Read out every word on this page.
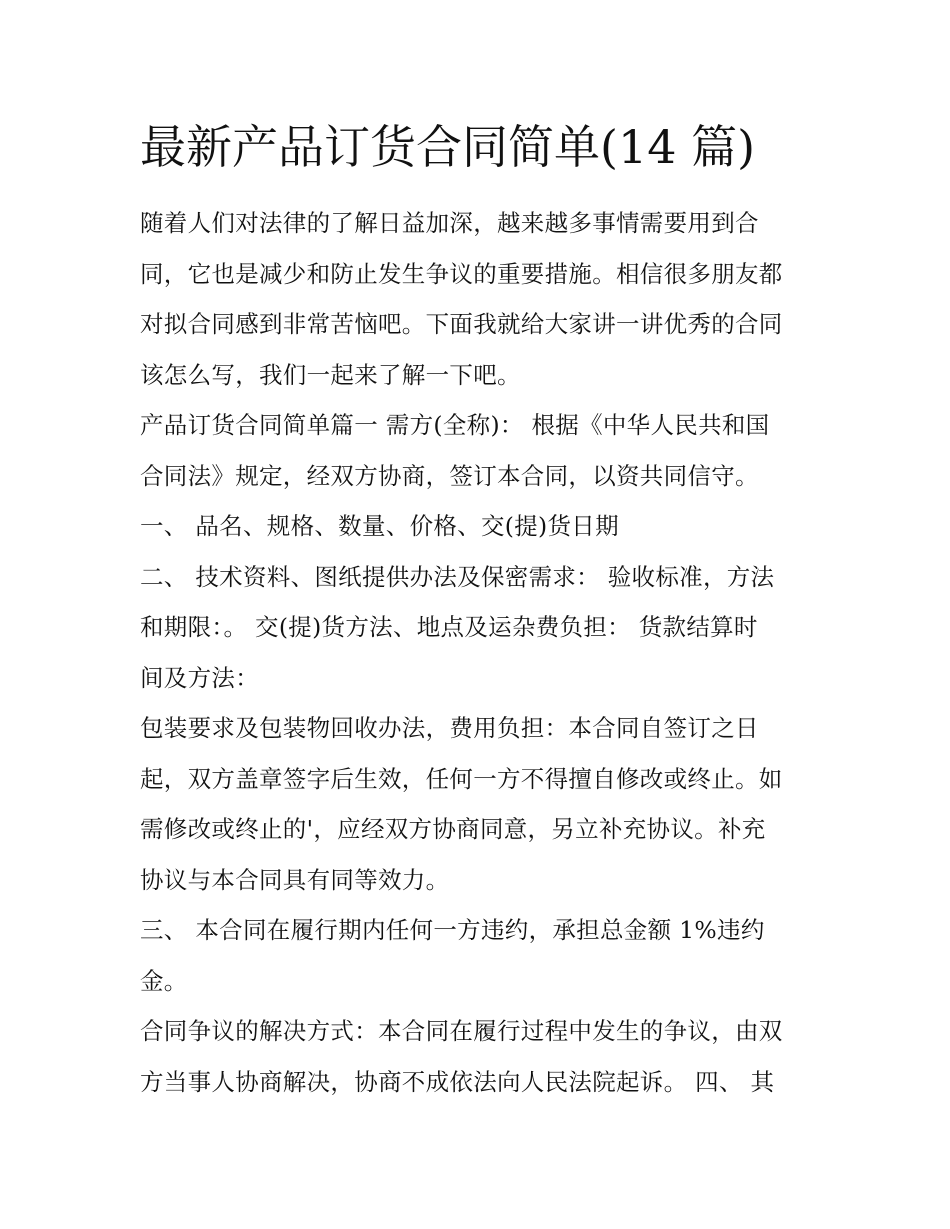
最新产品订货合同简单(14 篇)

随着人们对法律的了解日益加深，越来越多事情需要用到合
同，它也是减少和防止发生争议的重要措施。相信很多朋友都
对拟合同感到非常苦恼吧。下面我就给大家讲一讲优秀的合同
该怎么写，我们一起来了解一下吧。

产品订货合同简单篇一 需方(全称)： 根据《中华人民共和国
合同法》规定，经双方协商，签订本合同，以资共同信守。

一、 品名、规格、数量、价格、交(提)货日期

二、 技术资料、图纸提供办法及保密需求： 验收标准，方法
和期限：。 交(提)货方法、地点及运杂费负担： 货款结算时
间及方法：

包装要求及包装物回收办法，费用负担：本合同自签订之日
起，双方盖章签字后生效，任何一方不得擅自修改或终止。如
需修改或终止的'，应经双方协商同意，另立补充协议。补充
协议与本合同具有同等效力。

三、 本合同在履行期内任何一方违约，承担总金额 1%违约
金。

合同争议的解决方式：本合同在履行过程中发生的争议，由双
方当事人协商解决，协商不成依法向人民法院起诉。 四、 其
